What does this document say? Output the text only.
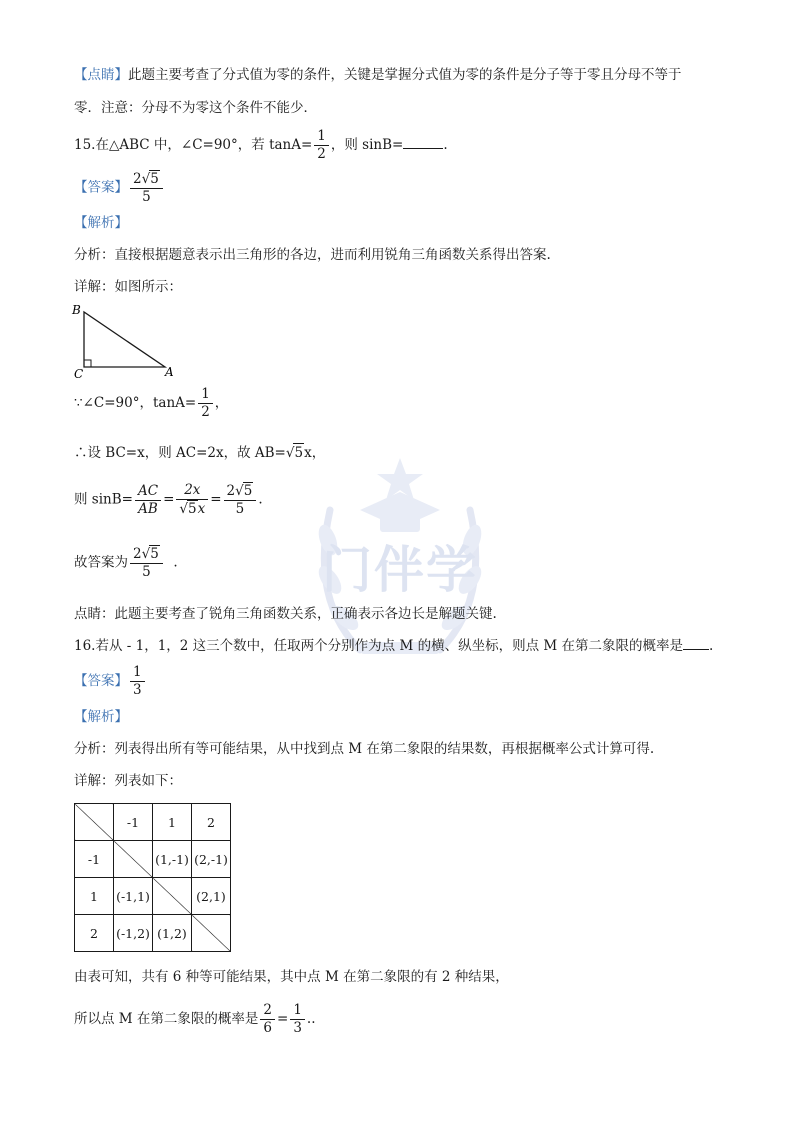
门伴学
【点睛】此题主要考查了分式值为零的条件，关键是掌握分式值为零的条件是分子等于零且分母不等于
零．注意：分母不为零这个条件不能少．
15.在△ABC 中，∠C=90°，若 $\tan A= \frac{1}{2}$ ，则 sinB=	.
【答案】 $\frac{2√5}{5}$
【解析】
分析：直接根据题意表示出三角形的各边，进而利用锐角三角函数关系得出答案.
详解：如图所示：
B
C	A
∵∠C=90°，$\tan A= \frac{1}{2}$ ，
∴设 BC=x，则 AC=2x，故 AB=√5x，
则 $\sin B= \frac{AC}{AB} = \frac{2x}{√5x} = \frac{2√5}{5}$ .
故答案为 $\frac{2√5}{5}$ .
点睛：此题主要考查了锐角三角函数关系，正确表示各边长是解题关键.
16.若从 - 1，1，2 这三个数中，任取两个分别作为点 M 的横、纵坐标，则点 M 在第二象限的概率是 .
【答案】 $\frac{1}{3}$
【解析】
分析：列表得出所有等可能结果，从中找到点 M 在第二象限的结果数，再根据概率公式计算可得.
详解：列表如下：
	-1	1	2
-1		(1,-1)	(2,-1)
1	(-1,1)		(2,1)
2	(-1,2)	(1,2)	
由表可知，共有 6 种等可能结果，其中点 M 在第二象限的有 2 种结果，
所以点 M 在第二象限的概率是 $\frac{2}{6} = \frac{1}{3}$ ..
